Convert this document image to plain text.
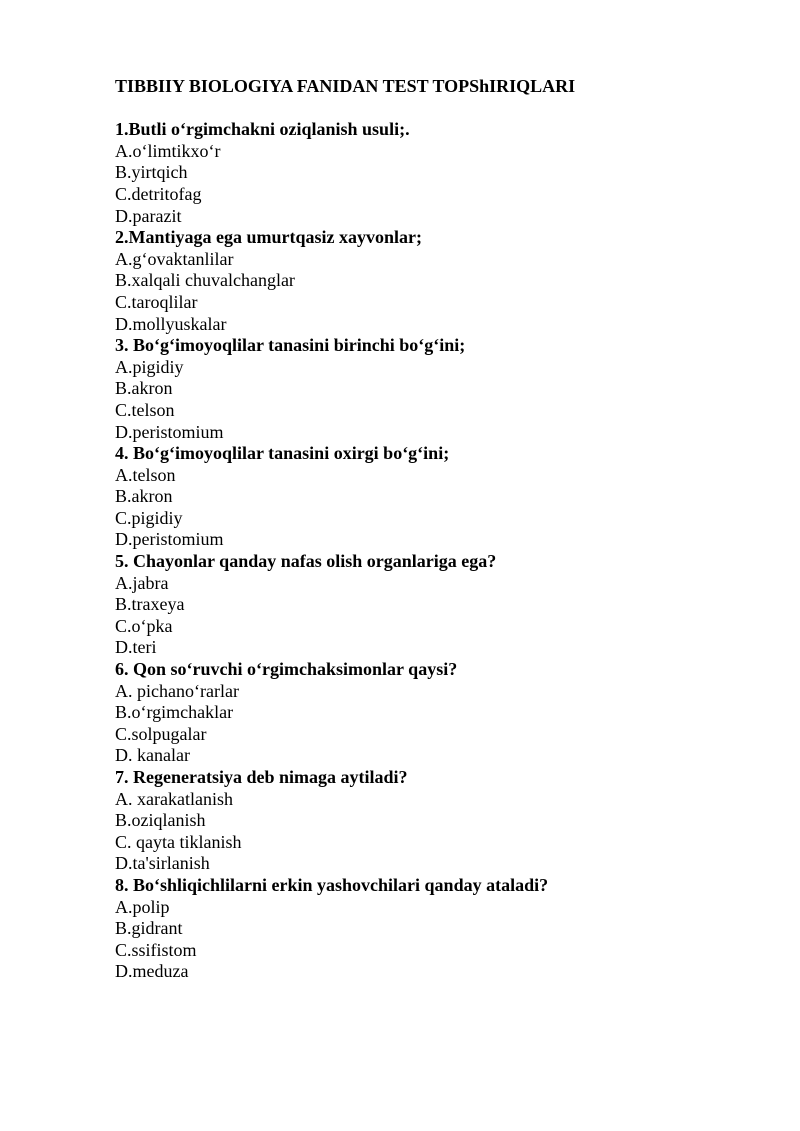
TIBBIIY BIOLOGIYA FANIDAN TEST TOPShIRIQLARI
1.Butli o‘rgimchakni oziqlanish usuli;.
A.o‘limtikxo‘r
B.yirtqich
C.detritofag
D.parazit
2.Mantiyaga ega umurtqasiz xayvonlar;
A.g‘ovaktanlilar
B.xalqali chuvalchanglar
C.taroqlilar
D.mollyuskalar
3. Bo‘g‘imoyoqlilar tanasini birinchi bo‘g‘ini;
A.pigidiy
B.akron
C.telson
D.peristomium
4. Bo‘g‘imoyoqlilar tanasini oxirgi bo‘g‘ini;
A.telson
B.akron
C.pigidiy
D.peristomium
5. Chayonlar qanday nafas olish organlariga ega?
A.jabra
B.traxeya
C.o‘pka
D.teri
6. Qon so‘ruvchi o‘rgimchaksimonlar qaysi?
A. pichano‘rarlar
B.o‘rgimchaklar
C.solpugalar
D. kanalar
7. Regeneratsiya deb nimaga aytiladi?
A. xarakatlanish
B.oziqlanish
C. qayta tiklanish
D.ta'sirlanish
8. Bo‘shliqichlilarni erkin yashovchilari qanday ataladi?
A.polip
B.gidrant
C.ssifistom
D.meduza
